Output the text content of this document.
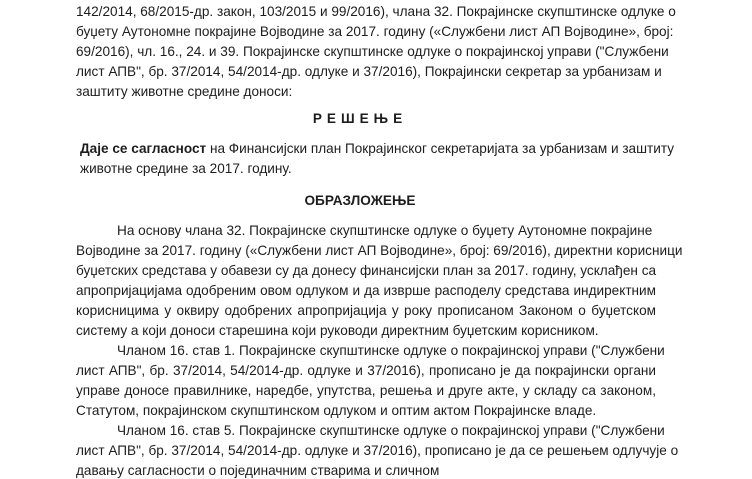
142/2014, 68/2015-др. закон, 103/2015 и 99/2016), члана 32. Покрајинске скупштинске одлуке о
буџету Аутономне покрајине Војводине за 2017. годину («Службени лист АП Војводине», број:
69/2016), чл. 16., 24. и 39. Покрајинске скупштинске одлуке о покрајинској управи ("Службени
лист АПВ", бр. 37/2014, 54/2014-др. одлуке и 37/2016), Покрајински секретар за урбанизам и
заштиту животне средине доноси:
РЕШЕЊЕ
Даје се сагласност на Финансијски план Покрајинског секретаријата за урбанизам и заштиту
животне средине за 2017. годину.
ОБРАЗЛОЖЕЊЕ
На основу члана 32. Покрајинске скупштинске одлуке о буџету Аутономне покрајине
Војводине за 2017. годину («Службени лист АП Војводине», број: 69/2016), директни корисници
буџетских средстава у обавези су да донесу финансијски план за 2017. годину, усклађен са
апропријацијама одобреним овом одлуком и да изврше расподелу средстава индиректним
корисницима у оквиру одобрених апропријација у року прописаном Законом о буџетском
систему а који доноси старешина који руководи директним буџетским корисником.
Чланом 16. став 1. Покрајинске скупштинске одлуке о покрајинској управи ("Службени
лист АПВ", бр. 37/2014, 54/2014-др. одлуке и 37/2016), прописано је да покрајински органи
управе доносе правилнике, наредбе, упутства, решења и друге акте, у складу са законом,
Статутом, покрајинском скупштинском одлуком и оптим актом Покрајинске владе.
Чланом 16. став 5. Покрајинске скупштинске одлуке о покрајинској управи ("Службени
лист АПВ", бр. 37/2014, 54/2014-др. одлуке и 37/2016), прописано је да се решењем одлучује о
давању сагласности о појединачним стварима и сличном
